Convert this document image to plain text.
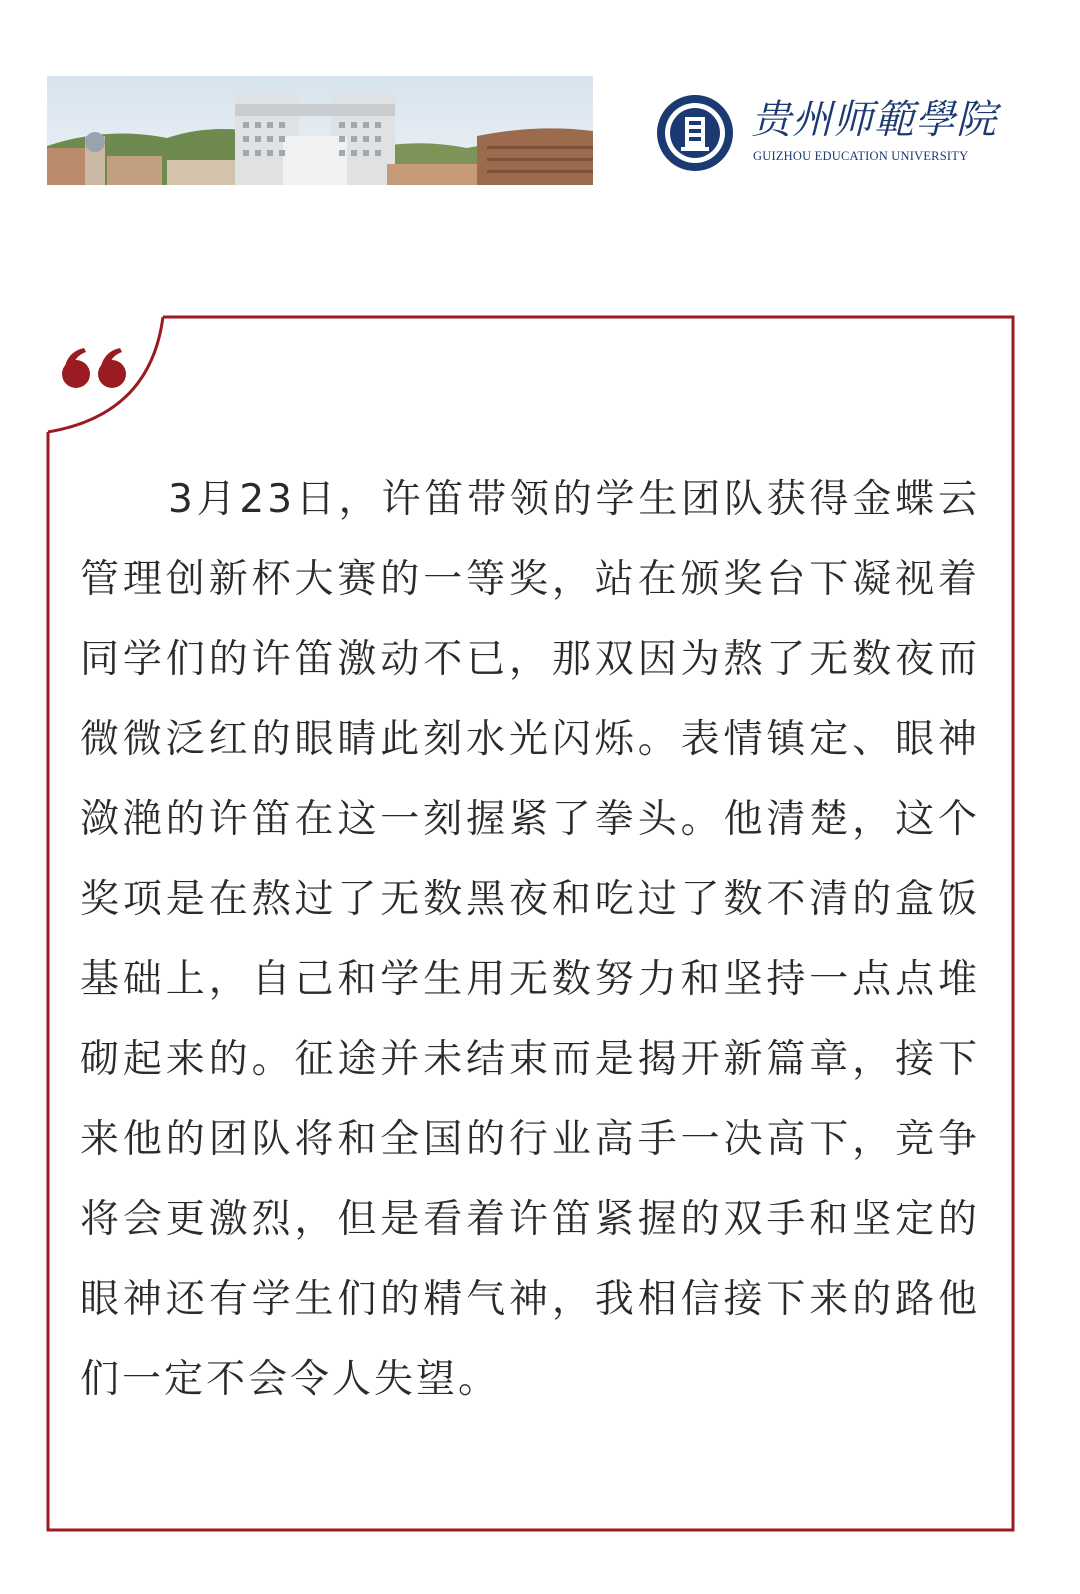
贵州师範學院
GUIZHOU EDUCATION UNIVERSITY

3月23日，许笛带领的学生团队获得金蝶云管理创新杯大赛的一等奖，站在颁奖台下凝视着同学们的许笛激动不已，那双因为熬了无数夜而微微泛红的眼睛此刻水光闪烁。表情镇定、眼神潋滟的许笛在这一刻握紧了拳头。他清楚，这个奖项是在熬过了无数黑夜和吃过了数不清的盒饭基础上，自己和学生用无数努力和坚持一点点堆砌起来的。征途并未结束而是揭开新篇章，接下来他的团队将和全国的行业高手一决高下，竞争将会更激烈，但是看着许笛紧握的双手和坚定的眼神还有学生们的精气神，我相信接下来的路他们一定不会令人失望。
